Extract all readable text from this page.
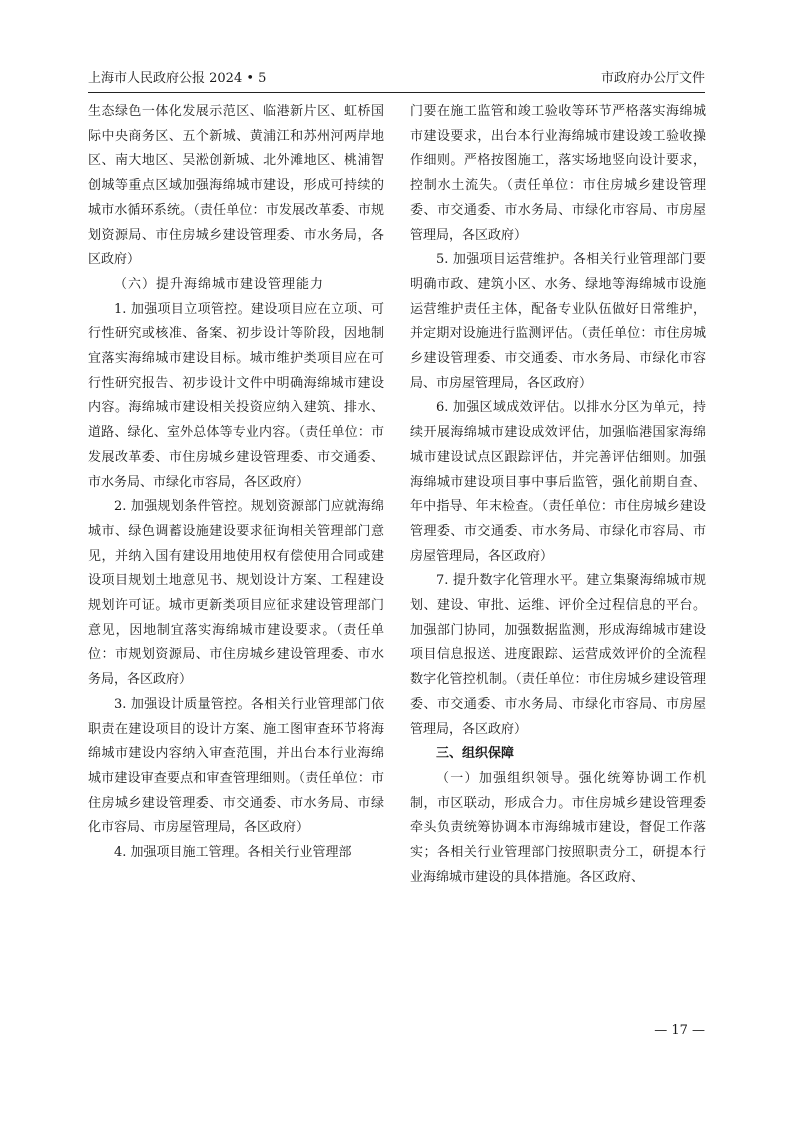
上海市人民政府公报 2024 • 5	市政府办公厅文件

生态绿色一体化发展示范区、临港新片区、虹桥国际中央商务区、五个新城、黄浦江和苏州河两岸地区、南大地区、吴淞创新城、北外滩地区、桃浦智创城等重点区域加强海绵城市建设，形成可持续的城市水循环系统。（责任单位：市发展改革委、市规划资源局、市住房城乡建设管理委、市水务局，各区政府）

（六）提升海绵城市建设管理能力

1. 加强项目立项管控。建设项目应在立项、可行性研究或核准、备案、初步设计等阶段，因地制宜落实海绵城市建设目标。城市维护类项目应在可行性研究报告、初步设计文件中明确海绵城市建设内容。海绵城市建设相关投资应纳入建筑、排水、道路、绿化、室外总体等专业内容。（责任单位：市发展改革委、市住房城乡建设管理委、市交通委、市水务局、市绿化市容局，各区政府）

2. 加强规划条件管控。规划资源部门应就海绵城市、绿色调蓄设施建设要求征询相关管理部门意见，并纳入国有建设用地使用权有偿使用合同或建设项目规划土地意见书、规划设计方案、工程建设规划许可证。城市更新类项目应征求建设管理部门意见，因地制宜落实海绵城市建设要求。（责任单位：市规划资源局、市住房城乡建设管理委、市水务局，各区政府）

3. 加强设计质量管控。各相关行业管理部门依职责在建设项目的设计方案、施工图审查环节将海绵城市建设内容纳入审查范围，并出台本行业海绵城市建设审查要点和审查管理细则。（责任单位：市住房城乡建设管理委、市交通委、市水务局、市绿化市容局、市房屋管理局，各区政府）

4. 加强项目施工管理。各相关行业管理部

门要在施工监管和竣工验收等环节严格落实海绵城市建设要求，出台本行业海绵城市建设竣工验收操作细则。严格按图施工，落实场地竖向设计要求，控制水土流失。（责任单位：市住房城乡建设管理委、市交通委、市水务局、市绿化市容局、市房屋管理局，各区政府）

5. 加强项目运营维护。各相关行业管理部门要明确市政、建筑小区、水务、绿地等海绵城市设施运营维护责任主体，配备专业队伍做好日常维护，并定期对设施进行监测评估。（责任单位：市住房城乡建设管理委、市交通委、市水务局、市绿化市容局、市房屋管理局，各区政府）

6. 加强区域成效评估。以排水分区为单元，持续开展海绵城市建设成效评估，加强临港国家海绵城市建设试点区跟踪评估，并完善评估细则。加强海绵城市建设项目事中事后监管，强化前期自查、年中指导、年末检查。（责任单位：市住房城乡建设管理委、市交通委、市水务局、市绿化市容局、市房屋管理局，各区政府）

7. 提升数字化管理水平。建立集聚海绵城市规划、建设、审批、运维、评价全过程信息的平台。加强部门协同，加强数据监测，形成海绵城市建设项目信息报送、进度跟踪、运营成效评价的全流程数字化管控机制。（责任单位：市住房城乡建设管理委、市交通委、市水务局、市绿化市容局、市房屋管理局，各区政府）

三、组织保障

（一）加强组织领导。强化统筹协调工作机制，市区联动，形成合力。市住房城乡建设管理委牵头负责统筹协调本市海绵城市建设，督促工作落实；各相关行业管理部门按照职责分工，研提本行业海绵城市建设的具体措施。各区政府、

— 17 —
